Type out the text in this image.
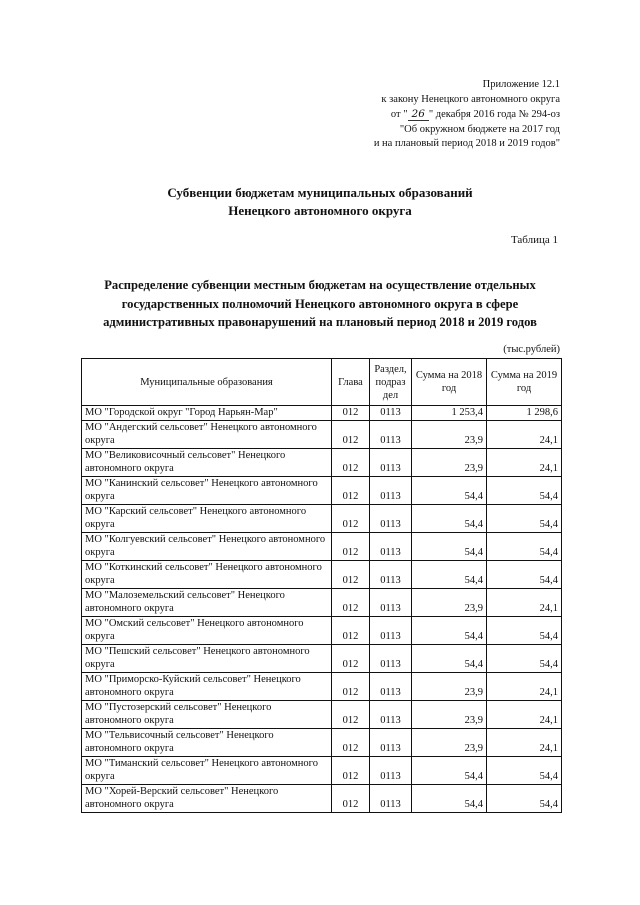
Приложение 12.1
к закону Ненецкого автономного округа
от " 26 " декабря 2016 года № 294-оз
"Об окружном бюджете на 2017 год
и на плановый период 2018 и 2019 годов"
Субвенции бюджетам муниципальных образований
Ненецкого автономного округа
Таблица 1
Распределение субвенции местным бюджетам на осуществление отдельных
государственных полномочий Ненецкого автономного округа в сфере
административных правонарушений на плановый период 2018 и 2019 годов
(тыс.рублей)
Муниципальные образования	Глава	Раздел, подраз дел	Сумма на 2018 год	Сумма на 2019 год
МО "Городской округ "Город Нарьян-Мар"	012	0113	1 253,4	1 298,6
МО "Андегский сельсовет" Ненецкого автономного округа	012	0113	23,9	24,1
МО "Великовисочный сельсовет" Ненецкого автономного округа	012	0113	23,9	24,1
МО "Канинский сельсовет" Ненецкого автономного округа	012	0113	54,4	54,4
МО "Карский сельсовет" Ненецкого автономного округа	012	0113	54,4	54,4
МО "Колгуевский сельсовет" Ненецкого автономного округа	012	0113	54,4	54,4
МО "Коткинский сельсовет" Ненецкого автономного округа	012	0113	54,4	54,4
МО "Малоземельский сельсовет" Ненецкого автономного округа	012	0113	23,9	24,1
МО "Омский сельсовет" Ненецкого автономного округа	012	0113	54,4	54,4
МО "Пешский сельсовет" Ненецкого автономного округа	012	0113	54,4	54,4
МО "Приморско-Куйский сельсовет" Ненецкого автономного округа	012	0113	23,9	24,1
МО "Пустозерский сельсовет" Ненецкого автономного округа	012	0113	23,9	24,1
МО "Тельвисочный сельсовет" Ненецкого автономного округа	012	0113	23,9	24,1
МО "Тиманский сельсовет" Ненецкого автономного округа	012	0113	54,4	54,4
МО "Хорей-Верский сельсовет" Ненецкого автономного округа	012	0113	54,4	54,4
